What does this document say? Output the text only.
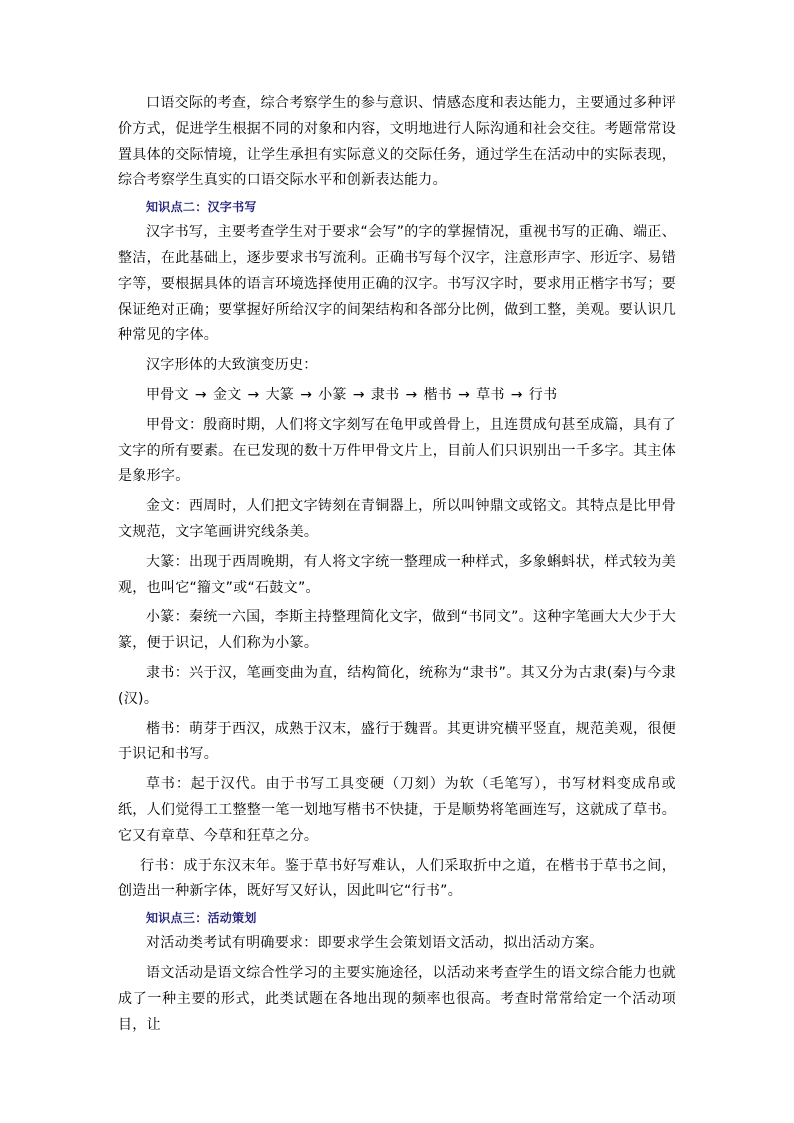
口语交际的考查，综合考察学生的参与意识、情感态度和表达能力，主要通过多种评价方式，促进学生根据不同的对象和内容，文明地进行人际沟通和社会交往。考题常常设置具体的交际情境，让学生承担有实际意义的交际任务，通过学生在活动中的实际表现，综合考察学生真实的口语交际水平和创新表达能力。

知识点二：汉字书写

汉字书写，主要考查学生对于要求“会写”的字的掌握情况，重视书写的正确、端正、整洁，在此基础上，逐步要求书写流利。正确书写每个汉字，注意形声字、形近字、易错字等，要根据具体的语言环境选择使用正确的汉字。书写汉字时，要求用正楷字书写；要保证绝对正确；要掌握好所给汉字的间架结构和各部分比例，做到工整，美观。要认识几种常见的字体。

汉字形体的大致演变历史：

甲骨文 → 金文 → 大篆 → 小篆 → 隶书 → 楷书 → 草书 → 行书

甲骨文：殷商时期，人们将文字刻写在龟甲或兽骨上，且连贯成句甚至成篇，具有了文字的所有要素。在已发现的数十万件甲骨文片上，目前人们只识别出一千多字。其主体是象形字。

金文：西周时，人们把文字铸刻在青铜器上，所以叫钟鼎文或铭文。其特点是比甲骨文规范，文字笔画讲究线条美。

大篆：出现于西周晚期，有人将文字统一整理成一种样式，多象蝌蚪状，样式较为美观，也叫它“籀文”或“石鼓文”。

小篆：秦统一六国，李斯主持整理简化文字，做到“书同文”。这种字笔画大大少于大篆，便于识记，人们称为小篆。

隶书：兴于汉，笔画变曲为直，结构简化，统称为“隶书”。其又分为古隶(秦)与今隶(汉)。

楷书：萌芽于西汉，成熟于汉末，盛行于魏晋。其更讲究横平竖直，规范美观，很便于识记和书写。

草书：起于汉代。由于书写工具变硬（刀刻）为软（毛笔写），书写材料变成帛或纸，人们觉得工工整整一笔一划地写楷书不快捷，于是顺势将笔画连写，这就成了草书。它又有章草、今草和狂草之分。

行书：成于东汉末年。鉴于草书好写难认，人们采取折中之道，在楷书于草书之间，创造出一种新字体，既好写又好认，因此叫它“行书”。

知识点三：活动策划

对活动类考试有明确要求：即要求学生会策划语文活动，拟出活动方案。

语文活动是语文综合性学习的主要实施途径，以活动来考查学生的语文综合能力也就成了一种主要的形式，此类试题在各地出现的频率也很高。考查时常常给定一个活动项目，让
